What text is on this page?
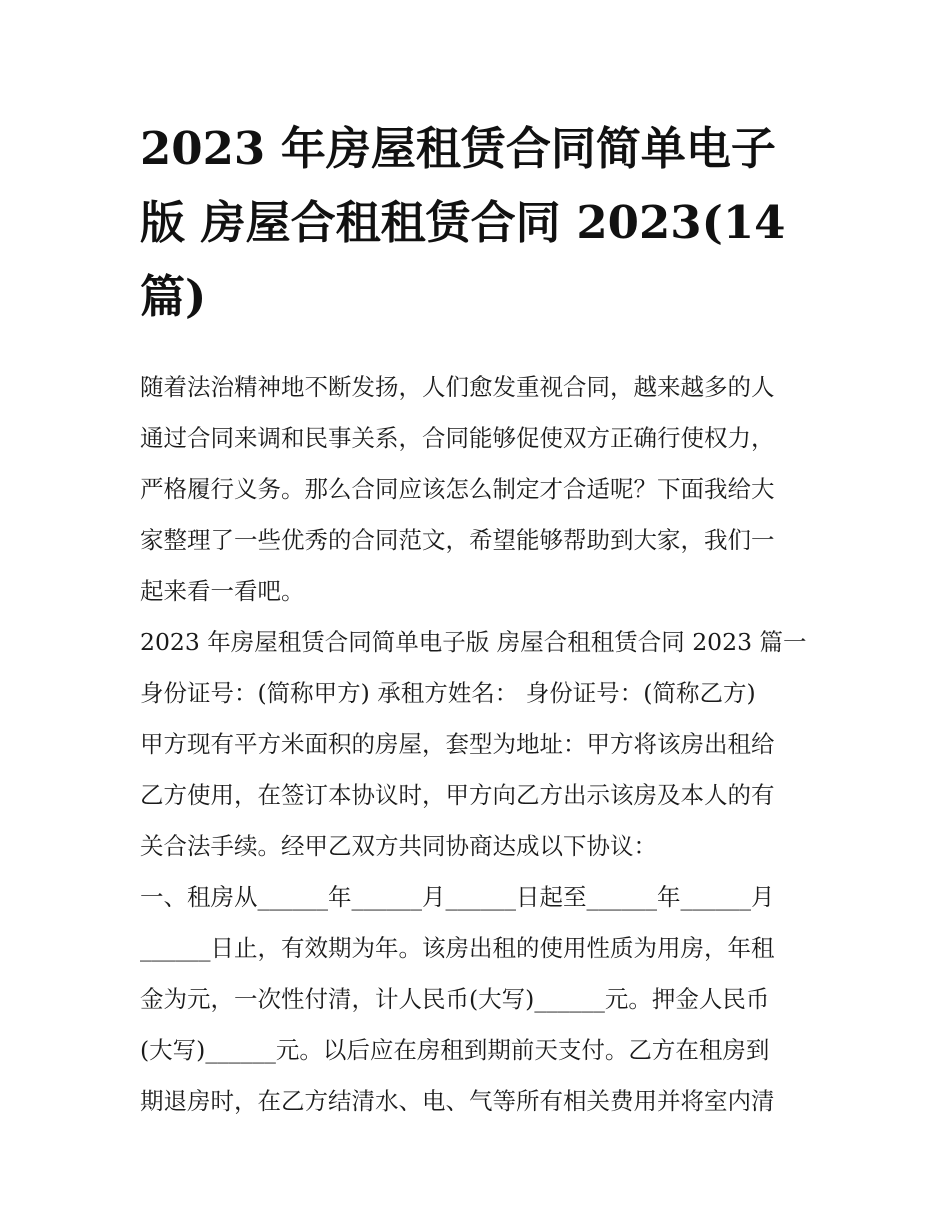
2023 年房屋租赁合同简单电子
版 房屋合租租赁合同 2023(14
篇)
随着法治精神地不断发扬，人们愈发重视合同，越来越多的人
通过合同来调和民事关系，合同能够促使双方正确行使权力，
严格履行义务。那么合同应该怎么制定才合适呢？下面我给大
家整理了一些优秀的合同范文，希望能够帮助到大家，我们一
起来看一看吧。
2023 年房屋租赁合同简单电子版 房屋合租租赁合同 2023 篇一
身份证号：(简称甲方) 承租方姓名： 身份证号：(简称乙方)
甲方现有平方米面积的房屋，套型为地址：甲方将该房出租给
乙方使用，在签订本协议时，甲方向乙方出示该房及本人的有
关合法手续。经甲乙双方共同协商达成以下协议：
一、租房从______年______月______日起至______年______月
______日止，有效期为年。该房出租的使用性质为用房，年租
金为元，一次性付清，计人民币(大写)______元。押金人民币
(大写)______元。以后应在房租到期前天支付。乙方在租房到
期退房时，在乙方结清水、电、气等所有相关费用并将室内清
